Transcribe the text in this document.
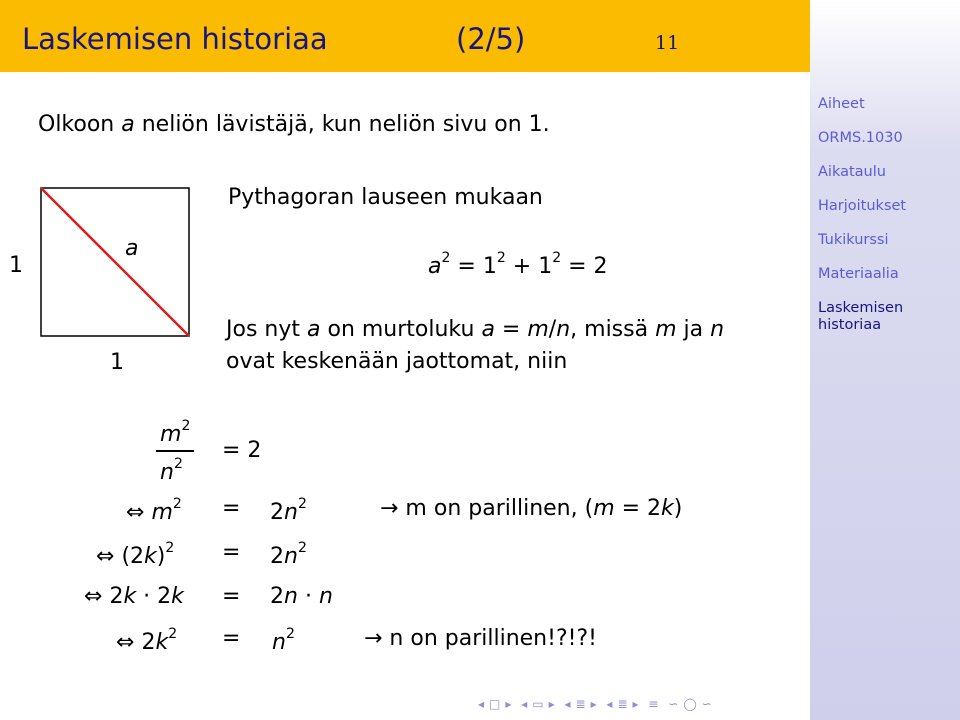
Laskemisen historiaa	(2/5)	11
Aiheet
ORMS.1030
Aikataulu
Harjoitukset
Tukikurssi
Materiaalia
Laskemisen historiaa
Olkoon a neliön lävistäjä, kun neliön sivu on 1.
a
1
1
Pythagoran lauseen mukaan
$a^2 = 1^2 + 1^2 = 2$
Jos nyt a on murtoluku a = m/n, missä m ja n
ovat keskenään jaottomat, niin
$m^2$
$n^2$
= 2
⇔ $m^2 = 2n^2$	→ m on parillinen, (m = 2k)
⇔ $(2k)^2 = 2n^2$
⇔ 2k · 2k = 2n · n
⇔ $2k^2 = n^2$	→ n on parillinen!?!?!
◂ □ ▸ ◂ ▭ ▸ ◂ ≣ ▸ ◂ ≣ ▸ ≡ ∽ ◯ ∽
